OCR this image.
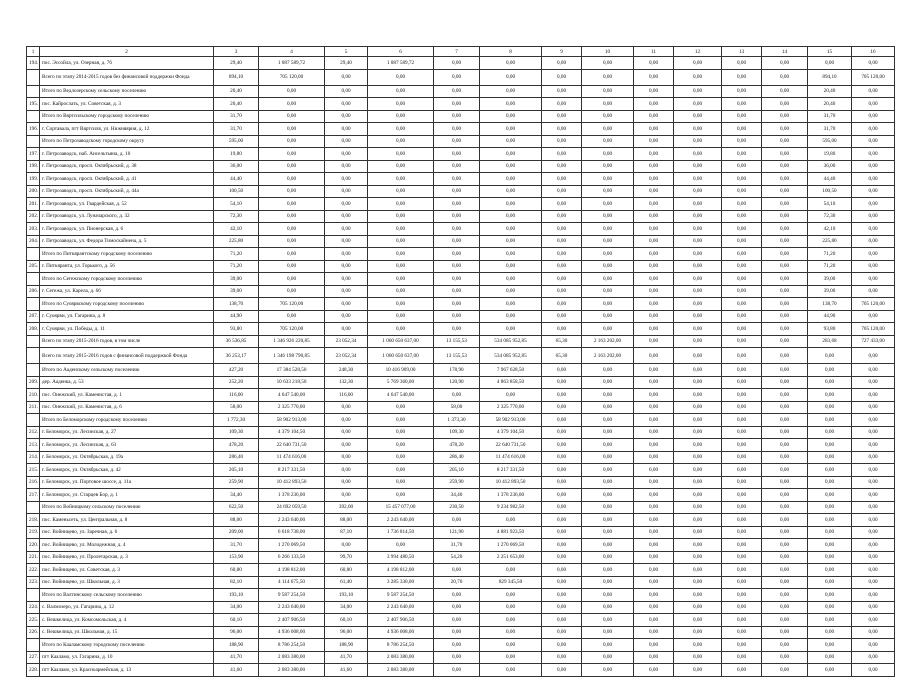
1	2	3	4	5	6	7	8	9	10	11	12	13	14	15	16
194.	пос. Эссойла, ул. Озерная, д. 76	29,40	1 087 589,72	29,40	1 087 589,72	0,00	0,00	0,00	0,00	0,00	0,00	0,00	0,00	0,00	0,00
	Всего по этапу 2014-2015 годов без финансовой поддержки Фонда	894,10	705 120,00	0,00	0,00	0,00	0,00	0,00	0,00	0,00	0,00	0,00	0,00	894,10	705 120,00
	Итого по Ведлозерскому сельскому поселению	20,40	0,00	0,00	0,00	0,00	0,00	0,00	0,00	0,00	0,00	0,00	0,00	20,40	0,00
195.	пос. Кайрослать, ул. Советская, д. 3	20,40	0,00	0,00	0,00	0,00	0,00	0,00	0,00	0,00	0,00	0,00	0,00	20,40	0,00
	Итого по Вяртсильскому городскому поселению	31,70	0,00	0,00	0,00	0,00	0,00	0,00	0,00	0,00	0,00	0,00	0,00	31,70	0,00
196.	г. Сортавала, пгт Вяртсиля, ул. Нижняярия, д. 12	31,70	0,00	0,00	0,00	0,00	0,00	0,00	0,00	0,00	0,00	0,00	0,00	31,70	0,00
	Итого по Петрозаводскому городскому округу	595,00	0,00	0,00	0,00	0,00	0,00	0,00	0,00	0,00	0,00	0,00	0,00	595,00	0,00
197.	г. Петрозаводск, наб. Ансельтьяна, д. 10	19,80	0,00	0,00	0,00	0,00	0,00	0,00	0,00	0,00	0,00	0,00	0,00	19,80	0,00
198.	г. Петрозаводск, просп. Октябрьский, д. 38	36,00	0,00	0,00	0,00	0,00	0,00	0,00	0,00	0,00	0,00	0,00	0,00	36,00	0,00
199.	г. Петрозаводск, просп. Октябрьский, д. 41	44,40	0,00	0,00	0,00	0,00	0,00	0,00	0,00	0,00	0,00	0,00	0,00	44,40	0,00
200.	г. Петрозаводск, просп. Октябрьский, д. 44а	100,50	0,00	0,00	0,00	0,00	0,00	0,00	0,00	0,00	0,00	0,00	0,00	100,50	0,00
201.	г. Петрозаводск, ул. Гвардейская, д. 52	54,10	0,00	0,00	0,00	0,00	0,00	0,00	0,00	0,00	0,00	0,00	0,00	54,10	0,00
202.	г. Петрозаводск, ул. Луначарского, д. 32	72,30	0,00	0,00	0,00	0,00	0,00	0,00	0,00	0,00	0,00	0,00	0,00	72,30	0,00
203.	г. Петрозаводск, ул. Пионерская, д. 6	42,10	0,00	0,00	0,00	0,00	0,00	0,00	0,00	0,00	0,00	0,00	0,00	42,10	0,00
204.	г. Петрозаводск, ул. Федора Тимоскайнена, д. 5	225,80	0,00	0,00	0,00	0,00	0,00	0,00	0,00	0,00	0,00	0,00	0,00	225,80	0,00
	Итого по Питкярантскому городскому поселению	71,20	0,00	0,00	0,00	0,00	0,00	0,00	0,00	0,00	0,00	0,00	0,00	71,20	0,00
205.	г. Питкяранта, ул. Горького, д. 56	71,20	0,00	0,00	0,00	0,00	0,00	0,00	0,00	0,00	0,00	0,00	0,00	71,20	0,00
	Итого по Сегежскому городскому поселению	39,00	0,00	0,00	0,00	0,00	0,00	0,00	0,00	0,00	0,00	0,00	0,00	39,00	0,00
206.	г. Сегежа, ул. Карела, д. 66	39,00	0,00	0,00	0,00	0,00	0,00	0,00	0,00	0,00	0,00	0,00	0,00	39,00	0,00
	Итого по Суоярвскому городскому поселению	138,70	705 120,00	0,00	0,00	0,00	0,00	0,00	0,00	0,00	0,00	0,00	0,00	138,70	705 120,00
207.	г. Суоярви, ул. Гагарина, д. 8	44,90	0,00	0,00	0,00	0,00	0,00	0,00	0,00	0,00	0,00	0,00	0,00	44,90	0,00
208.	г. Суоярви, ул. Победы, д. 11	93,80	705 120,00	0,00	0,00	0,00	0,00	0,00	0,00	0,00	0,00	0,00	0,00	93,80	705 120,00
	Всего по этапу 2015-2016 годов, в том числе	36 536,85	1 346 926 220,85	23 052,34	1 060 650 637,00	13 155,53	534 085 952,85	65,30	2 163 202,00	0,00	0,00	0,00	0,00	283,68	727 433,00
	Всего по этапу 2015-2016 годов с финансовой поддержкой Фонда	36 253,17	1 346 198 790,85	23 052,34	1 060 650 637,00	13 155,53	534 085 952,85	65,30	2 163 202,00	0,00	0,00	0,00	0,00	0,00	0,00
	Итого по Ааденскому сельскому поселению	427,20	17 384 528,50	248,30	10 416 909,00	178,90	7 967 628,50	0,00	0,00	0,00	0,00	0,00	0,00	0,00	0,00
209.	дер. Ааденка, д. 53	252,20	10 633 218,50	132,30	5 769 360,00	120,90	4 863 858,50	0,00	0,00	0,00	0,00	0,00	0,00	0,00	0,00
210.	пос. Онежский, ул. Каменистая, д. 1	116,00	4 647 540,00	116,00	4 647 540,00	0,00	0,00	0,00	0,00	0,00	0,00	0,00	0,00	0,00	0,00
211.	пос. Онежский, ул. Каменистая, д. 6	58,00	2 325 770,00	0,00	0,00	58,00	2 325 770,00	0,00	0,00	0,00	0,00	0,00	0,00	0,00	0,00
	Итого по Беломорскому городскому поселению	1 772,30	58 902 913,00	0,00	0,00	1 373,30	58 902 913,00	0,00	0,00	0,00	0,00	0,00	0,00	0,00	0,00
212.	г. Беломорск, ул. Лесинская, д. 27	109,30	4 379 104,50	0,00	0,00	109,30	4 379 104,50	0,00	0,00	0,00	0,00	0,00	0,00	0,00	0,00
213.	г. Беломорск, ул. Лесинская, д. 63	478,20	22 640 731,50	0,00	0,00	478,20	22 640 731,50	0,00	0,00	0,00	0,00	0,00	0,00	0,00	0,00
214.	г. Беломорск, ул. Октябрьская, д. 19а	286,40	11 474 616,00	0,00	0,00	286,40	11 474 616,00	0,00	0,00	0,00	0,00	0,00	0,00	0,00	0,00
215.	г. Беломорск, ул. Октябрьская, д. 42	205,10	8 217 331,50	0,00	0,00	205,10	8 217 331,50	0,00	0,00	0,00	0,00	0,00	0,00	0,00	0,00
216.	г. Беломорск, ул. Портовое шоссе, д. 11а	259,90	10 412 893,50	0,00	0,00	259,90	10 412 893,50	0,00	0,00	0,00	0,00	0,00	0,00	0,00	0,00
217.	г. Беломорск, ул. Старцев Бор, д. 1	34,40	1 378 236,00	0,00	0,00	34,40	1 378 236,00	0,00	0,00	0,00	0,00	0,00	0,00	0,00	0,00
	Итого по Войницкому сельскому поселению	622,50	24 692 059,50	392,00	15 457 077,00	230,50	9 234 982,50	0,00	0,00	0,00	0,00	0,00	0,00	0,00	0,00
218.	пос. Каменьсеть, ул. Центральная, д. 8	88,00	2 243 640,00	88,00	2 243 640,00	0,00	0,00	0,00	0,00	0,00	0,00	0,00	0,00	0,00	0,00
219.	пос. Войницево, ул. Заречная, д. 6	209,00	6 618 738,00	87,10	1 736 814,50	121,90	4 881 923,50	0,00	0,00	0,00	0,00	0,00	0,00	0,00	0,00
220.	пос. Войницево, ул. Молодежная, д. 4	31,70	1 270 069,50	0,00	0,00	31,70	1 270 069,50	0,00	0,00	0,00	0,00	0,00	0,00	0,00	0,00
221.	пос. Войницево, ул. Пролетарская, д. 3	153,90	6 266 133,50	99,70	3 994 480,50	54,20	2 251 653,00	0,00	0,00	0,00	0,00	0,00	0,00	0,00	0,00
222.	пос. Войницево, ул. Советская, д. 3	60,80	4 198 812,00	60,80	4 198 812,00	0,00	0,00	0,00	0,00	0,00	0,00	0,00	0,00	0,00	0,00
223.	пос. Войницево, ул. Школьная, д. 3	82,10	4 114 675,50	61,40	3 285 330,00	20,70	829 345,50	0,00	0,00	0,00	0,00	0,00	0,00	0,00	0,00
	Итого по Валтинскому сельскому поселению	193,10	9 587 254,50	193,10	9 587 254,50	0,00	0,00	0,00	0,00	0,00	0,00	0,00	0,00	0,00	0,00
224.	с. Валмозеро, ул. Гагарина, д. 12	34,00	2 243 640,00	34,00	2 243 640,00	0,00	0,00	0,00	0,00	0,00	0,00	0,00	0,00	0,00	0,00
225.	с. Вешкелица, ул. Комсомольская, д. 4	60,10	2 407 906,50	60,10	2 407 906,50	0,00	0,00	0,00	0,00	0,00	0,00	0,00	0,00	0,00	0,00
226.	с. Вешкелица, ул. Школьная, д. 15	96,00	4 936 008,00	96,00	4 936 008,00	0,00	0,00	0,00	0,00	0,00	0,00	0,00	0,00	0,00	0,00
	Итого по Кааламскому городскому поселению	188,90	8 786 254,50	188,90	8 786 254,50	0,00	0,00	0,00	0,00	0,00	0,00	0,00	0,00	0,00	0,00
227.	пгт Кааламо, ул. Гагарина, д. 10	41,70	2 083 380,00	41,70	2 083 380,00	0,00	0,00	0,00	0,00	0,00	0,00	0,00	0,00	0,00	0,00
228.	пгт Кааламо, ул. Красноармейская, д. 13	41,60	2 083 380,00	41,60	2 083 380,00	0,00	0,00	0,00	0,00	0,00	0,00	0,00	0,00	0,00	0,00
